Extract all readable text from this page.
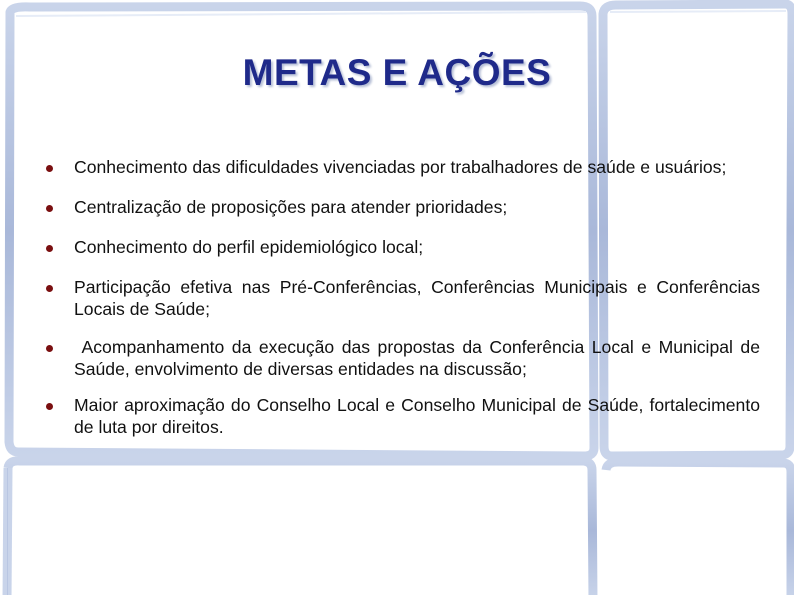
METAS E AÇÕES
Conhecimento das dificuldades vivenciadas por trabalhadores de saúde e usuários;
Centralização de proposições para atender prioridades;
Conhecimento do perfil epidemiológico local;
Participação efetiva nas Pré-Conferências, Conferências Municipais e Conferências Locais de Saúde;
Acompanhamento da execução das propostas da Conferência Local e Municipal de Saúde, envolvimento de diversas entidades na discussão;
Maior aproximação do Conselho Local e Conselho Municipal de Saúde, fortalecimento de luta por direitos.
